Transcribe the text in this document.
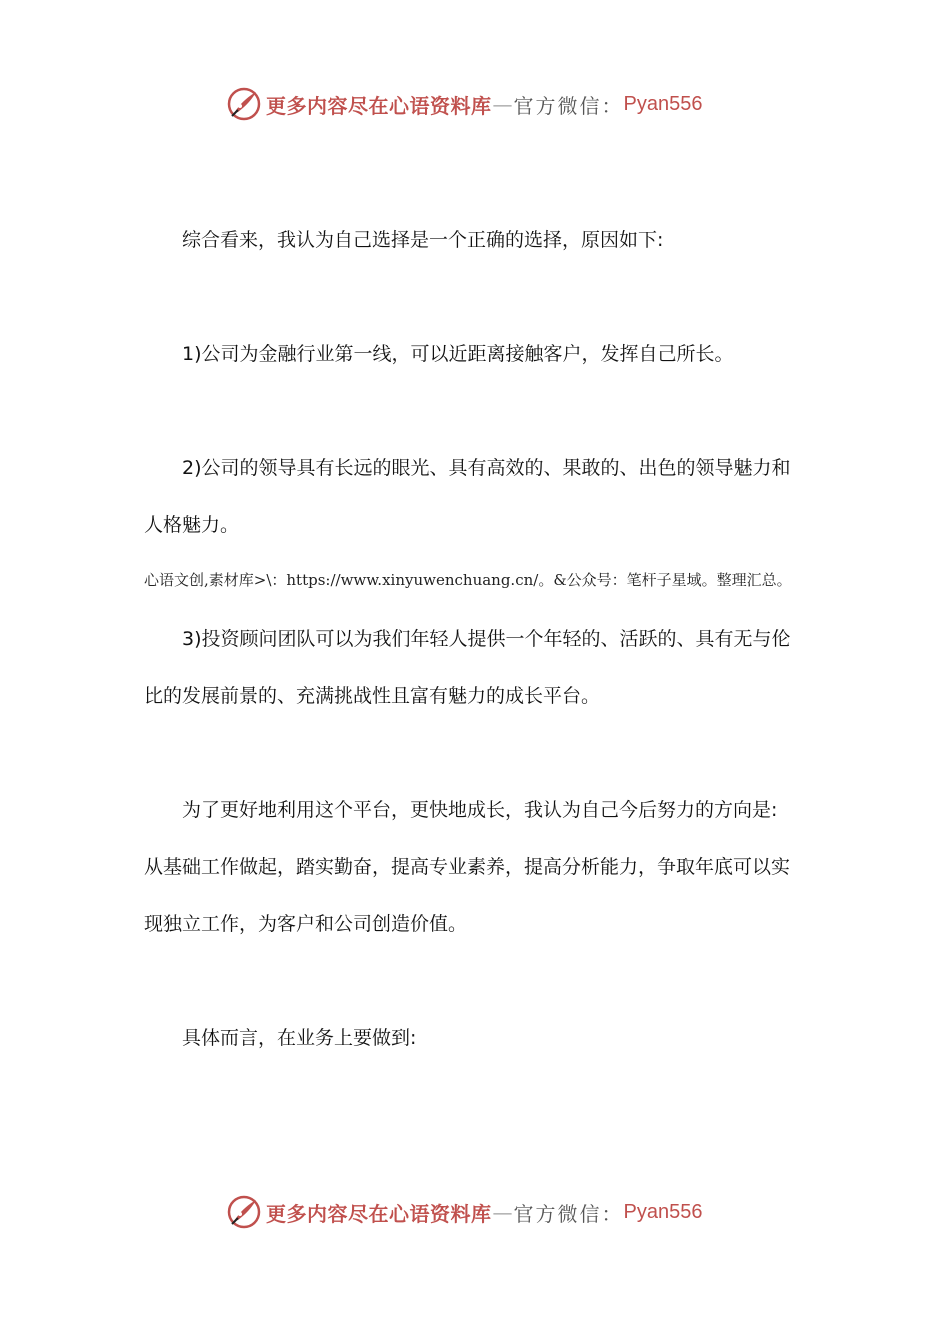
更多内容尽在心语资料库 — 官方微信： Pyan556
综合看来，我认为自己选择是一个正确的选择，原因如下:
1)公司为金融行业第一线，可以近距离接触客户，发挥自己所长。
2)公司的领导具有长远的眼光、具有高效的、果敢的、出色的领导魅力和
人格魅力。
心语文创,素材库>\：https://www.xinyuwenchuang.cn/。&公众号：笔杆子星域。整理汇总。
3)投资顾问团队可以为我们年轻人提供一个年轻的、活跃的、具有无与伦
比的发展前景的、充满挑战性且富有魅力的成长平台。
为了更好地利用这个平台，更快地成长，我认为自己今后努力的方向是:
从基础工作做起，踏实勤奋，提高专业素养，提高分析能力，争取年底可以实
现独立工作，为客户和公司创造价值。
具体而言，在业务上要做到:
更多内容尽在心语资料库 — 官方微信： Pyan556
